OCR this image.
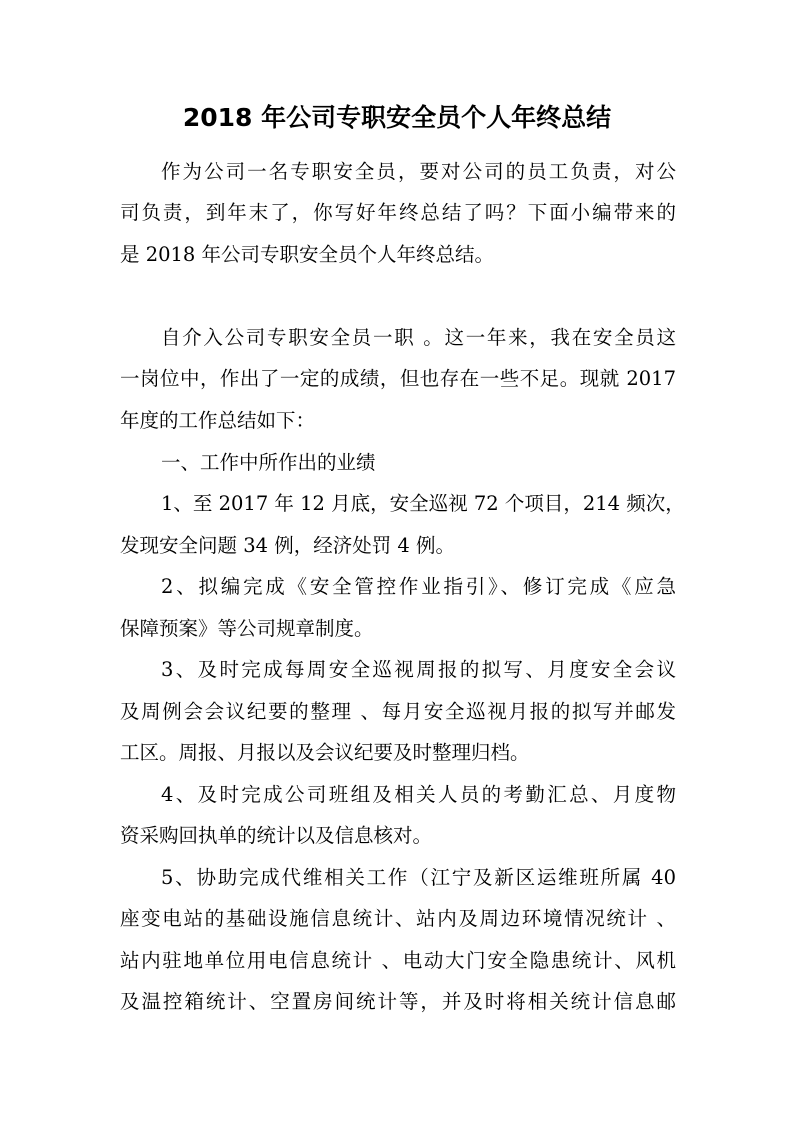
2018 年公司专职安全员个人年终总结

作为公司一名专职安全员，要对公司的员工负责，对公

司负责，到年末了，你写好年终总结了吗？下面小编带来的

是 2018 年公司专职安全员个人年终总结。

自介入公司专职安全员一职 。这一年来，我在安全员这

一岗位中，作出了一定的成绩，但也存在一些不足。现就 2017

年度的工作总结如下：

一、工作中所作出的业绩

1、至 2017 年 12 月底，安全巡视 72 个项目，214 频次，

发现安全问题 34 例，经济处罚 4 例。

2、拟编完成《安全管控作业指引》、修订完成《应急

保障预案》等公司规章制度。

3、及时完成每周安全巡视周报的拟写、月度安全会议

及周例会会议纪要的整理 、每月安全巡视月报的拟写并邮发

工区。周报、月报以及会议纪要及时整理归档。

4、及时完成公司班组及相关人员的考勤汇总、月度物

资采购回执单的统计以及信息核对。

5、协助完成代维相关工作（江宁及新区运维班所属 40

座变电站的基础设施信息统计、站内及周边环境情况统计 、

站内驻地单位用电信息统计 、电动大门安全隐患统计、风机

及温控箱统计、空置房间统计等，并及时将相关统计信息邮
